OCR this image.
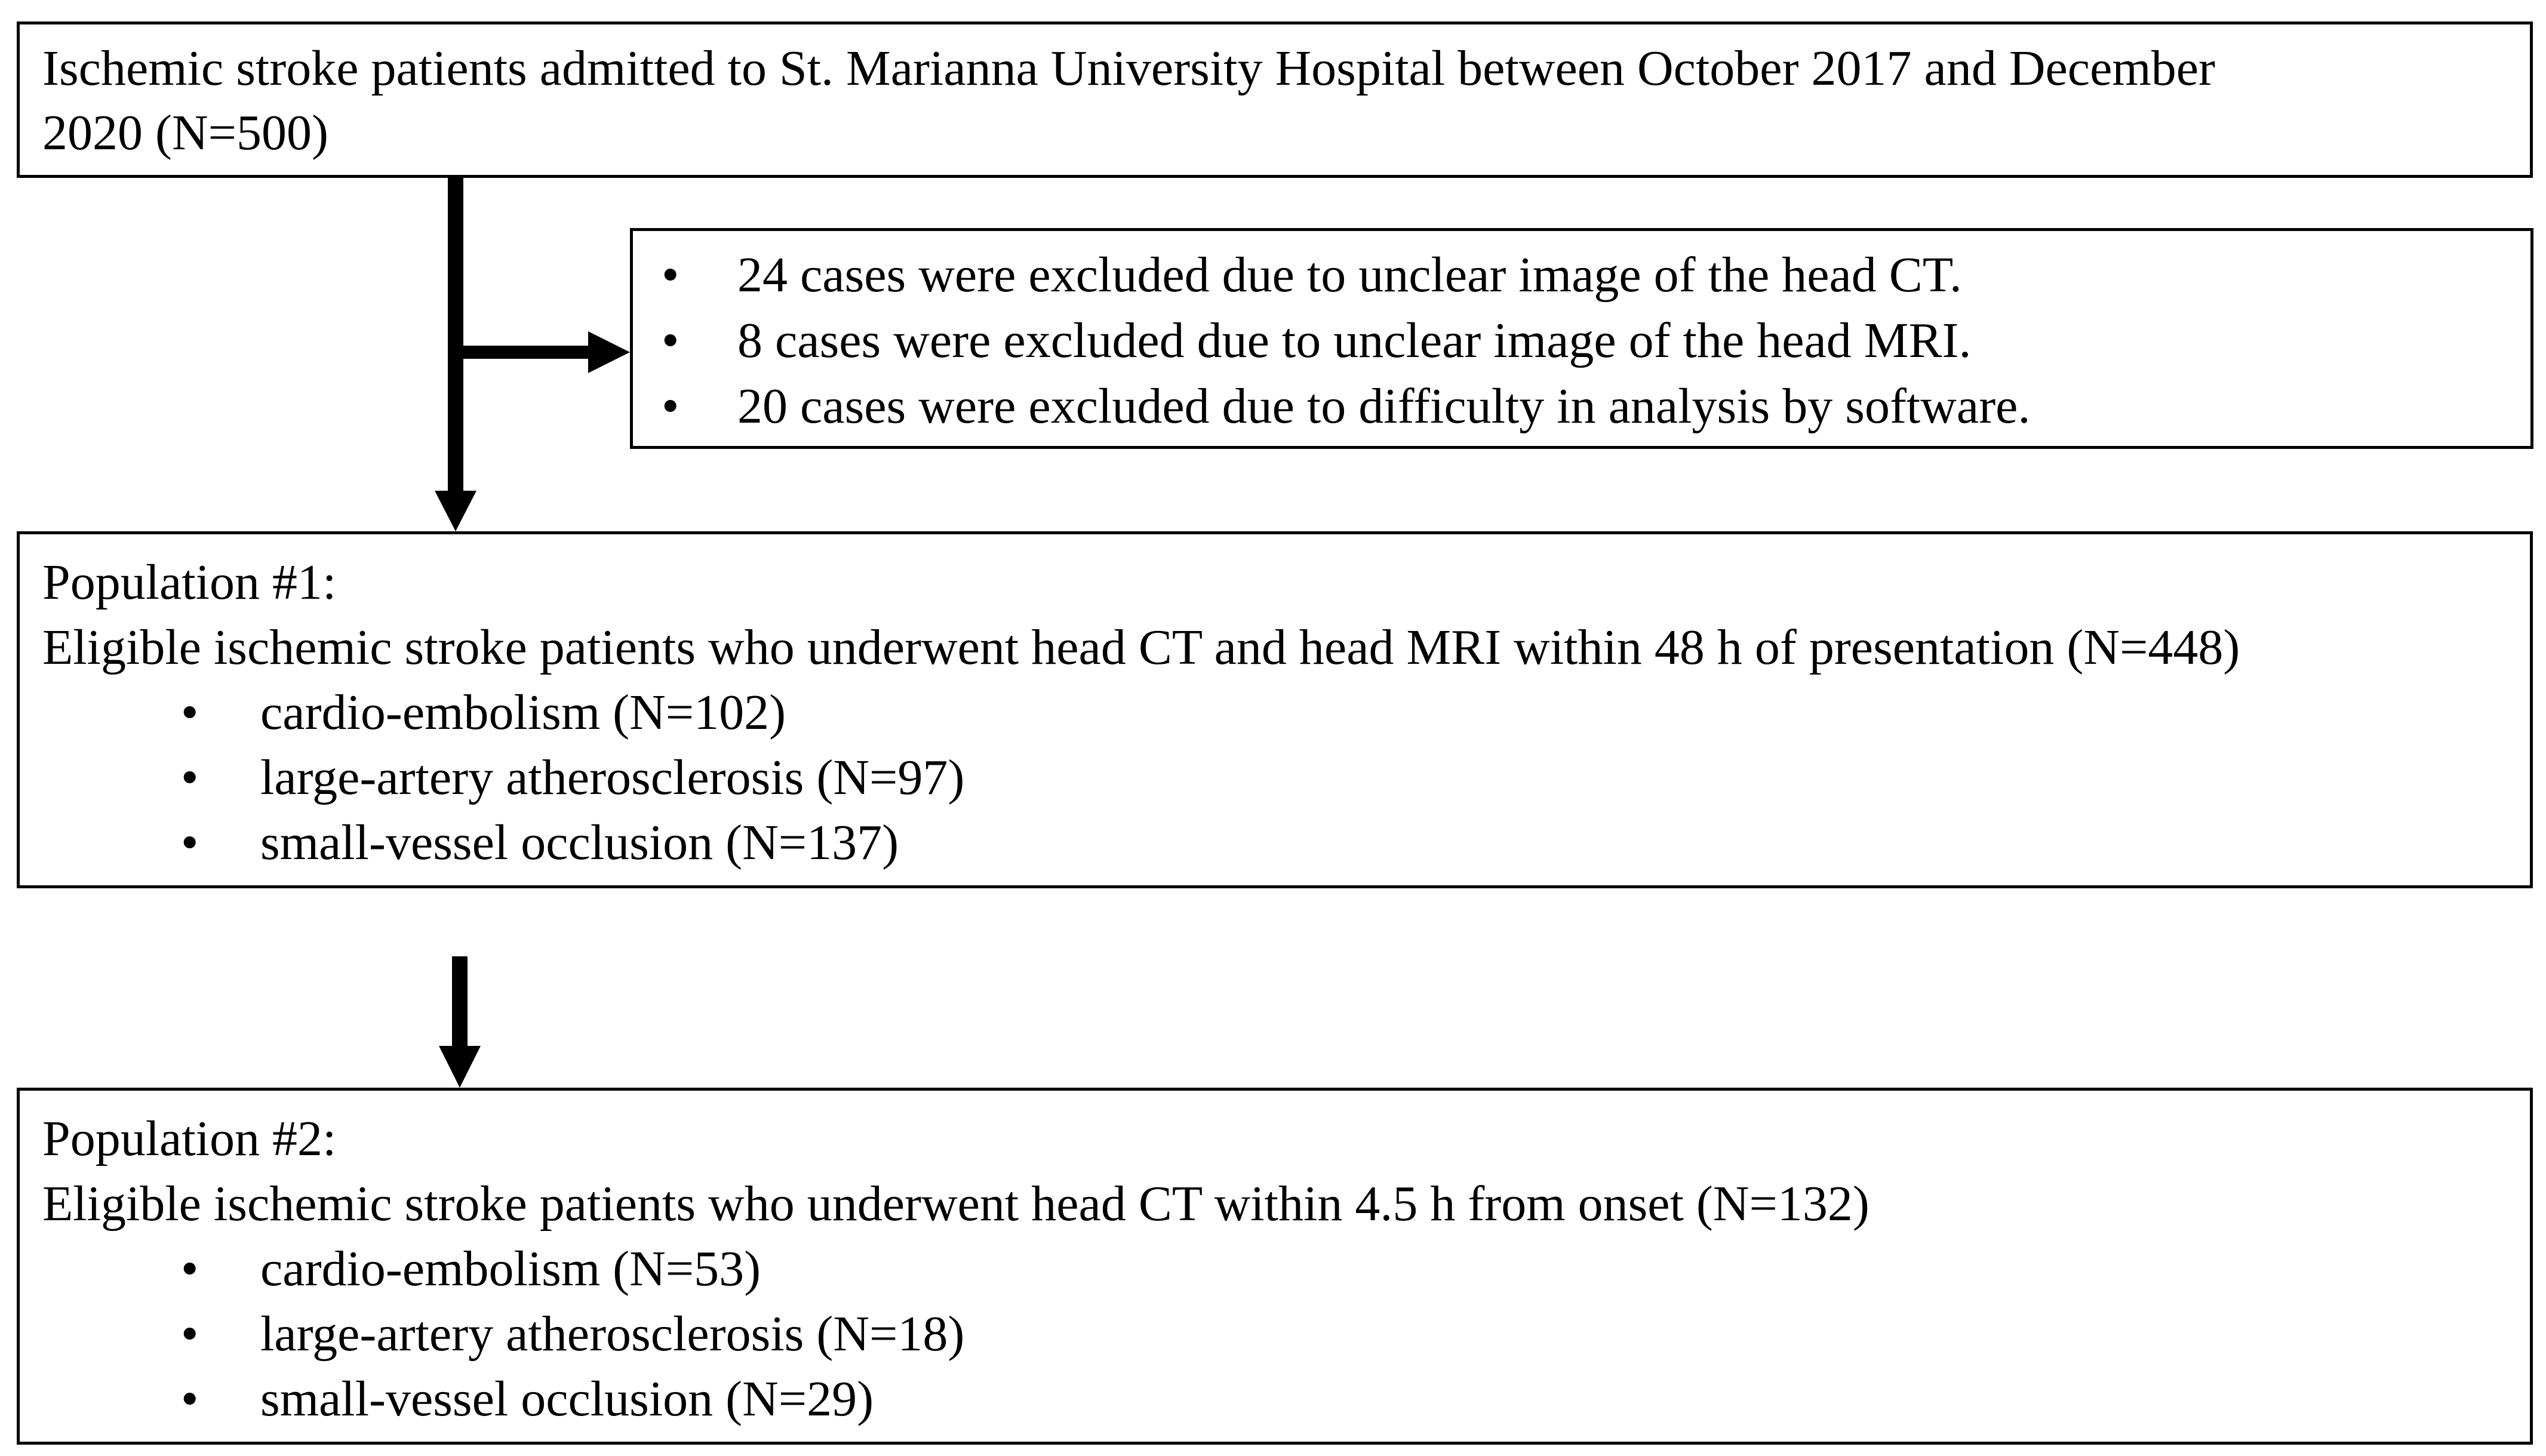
Ischemic stroke patients admitted to St. Marianna University Hospital between October 2017 and December
2020 (N=500)
• 24 cases were excluded due to unclear image of the head CT.
• 8 cases were excluded due to unclear image of the head MRI.
• 20 cases were excluded due to difficulty in analysis by software.
Population #1:
Eligible ischemic stroke patients who underwent head CT and head MRI within 48 h of presentation (N=448)
• cardio-embolism (N=102)
• large-artery atherosclerosis (N=97)
• small-vessel occlusion (N=137)
Population #2:
Eligible ischemic stroke patients who underwent head CT within 4.5 h from onset (N=132)
• cardio-embolism (N=53)
• large-artery atherosclerosis (N=18)
• small-vessel occlusion (N=29)
